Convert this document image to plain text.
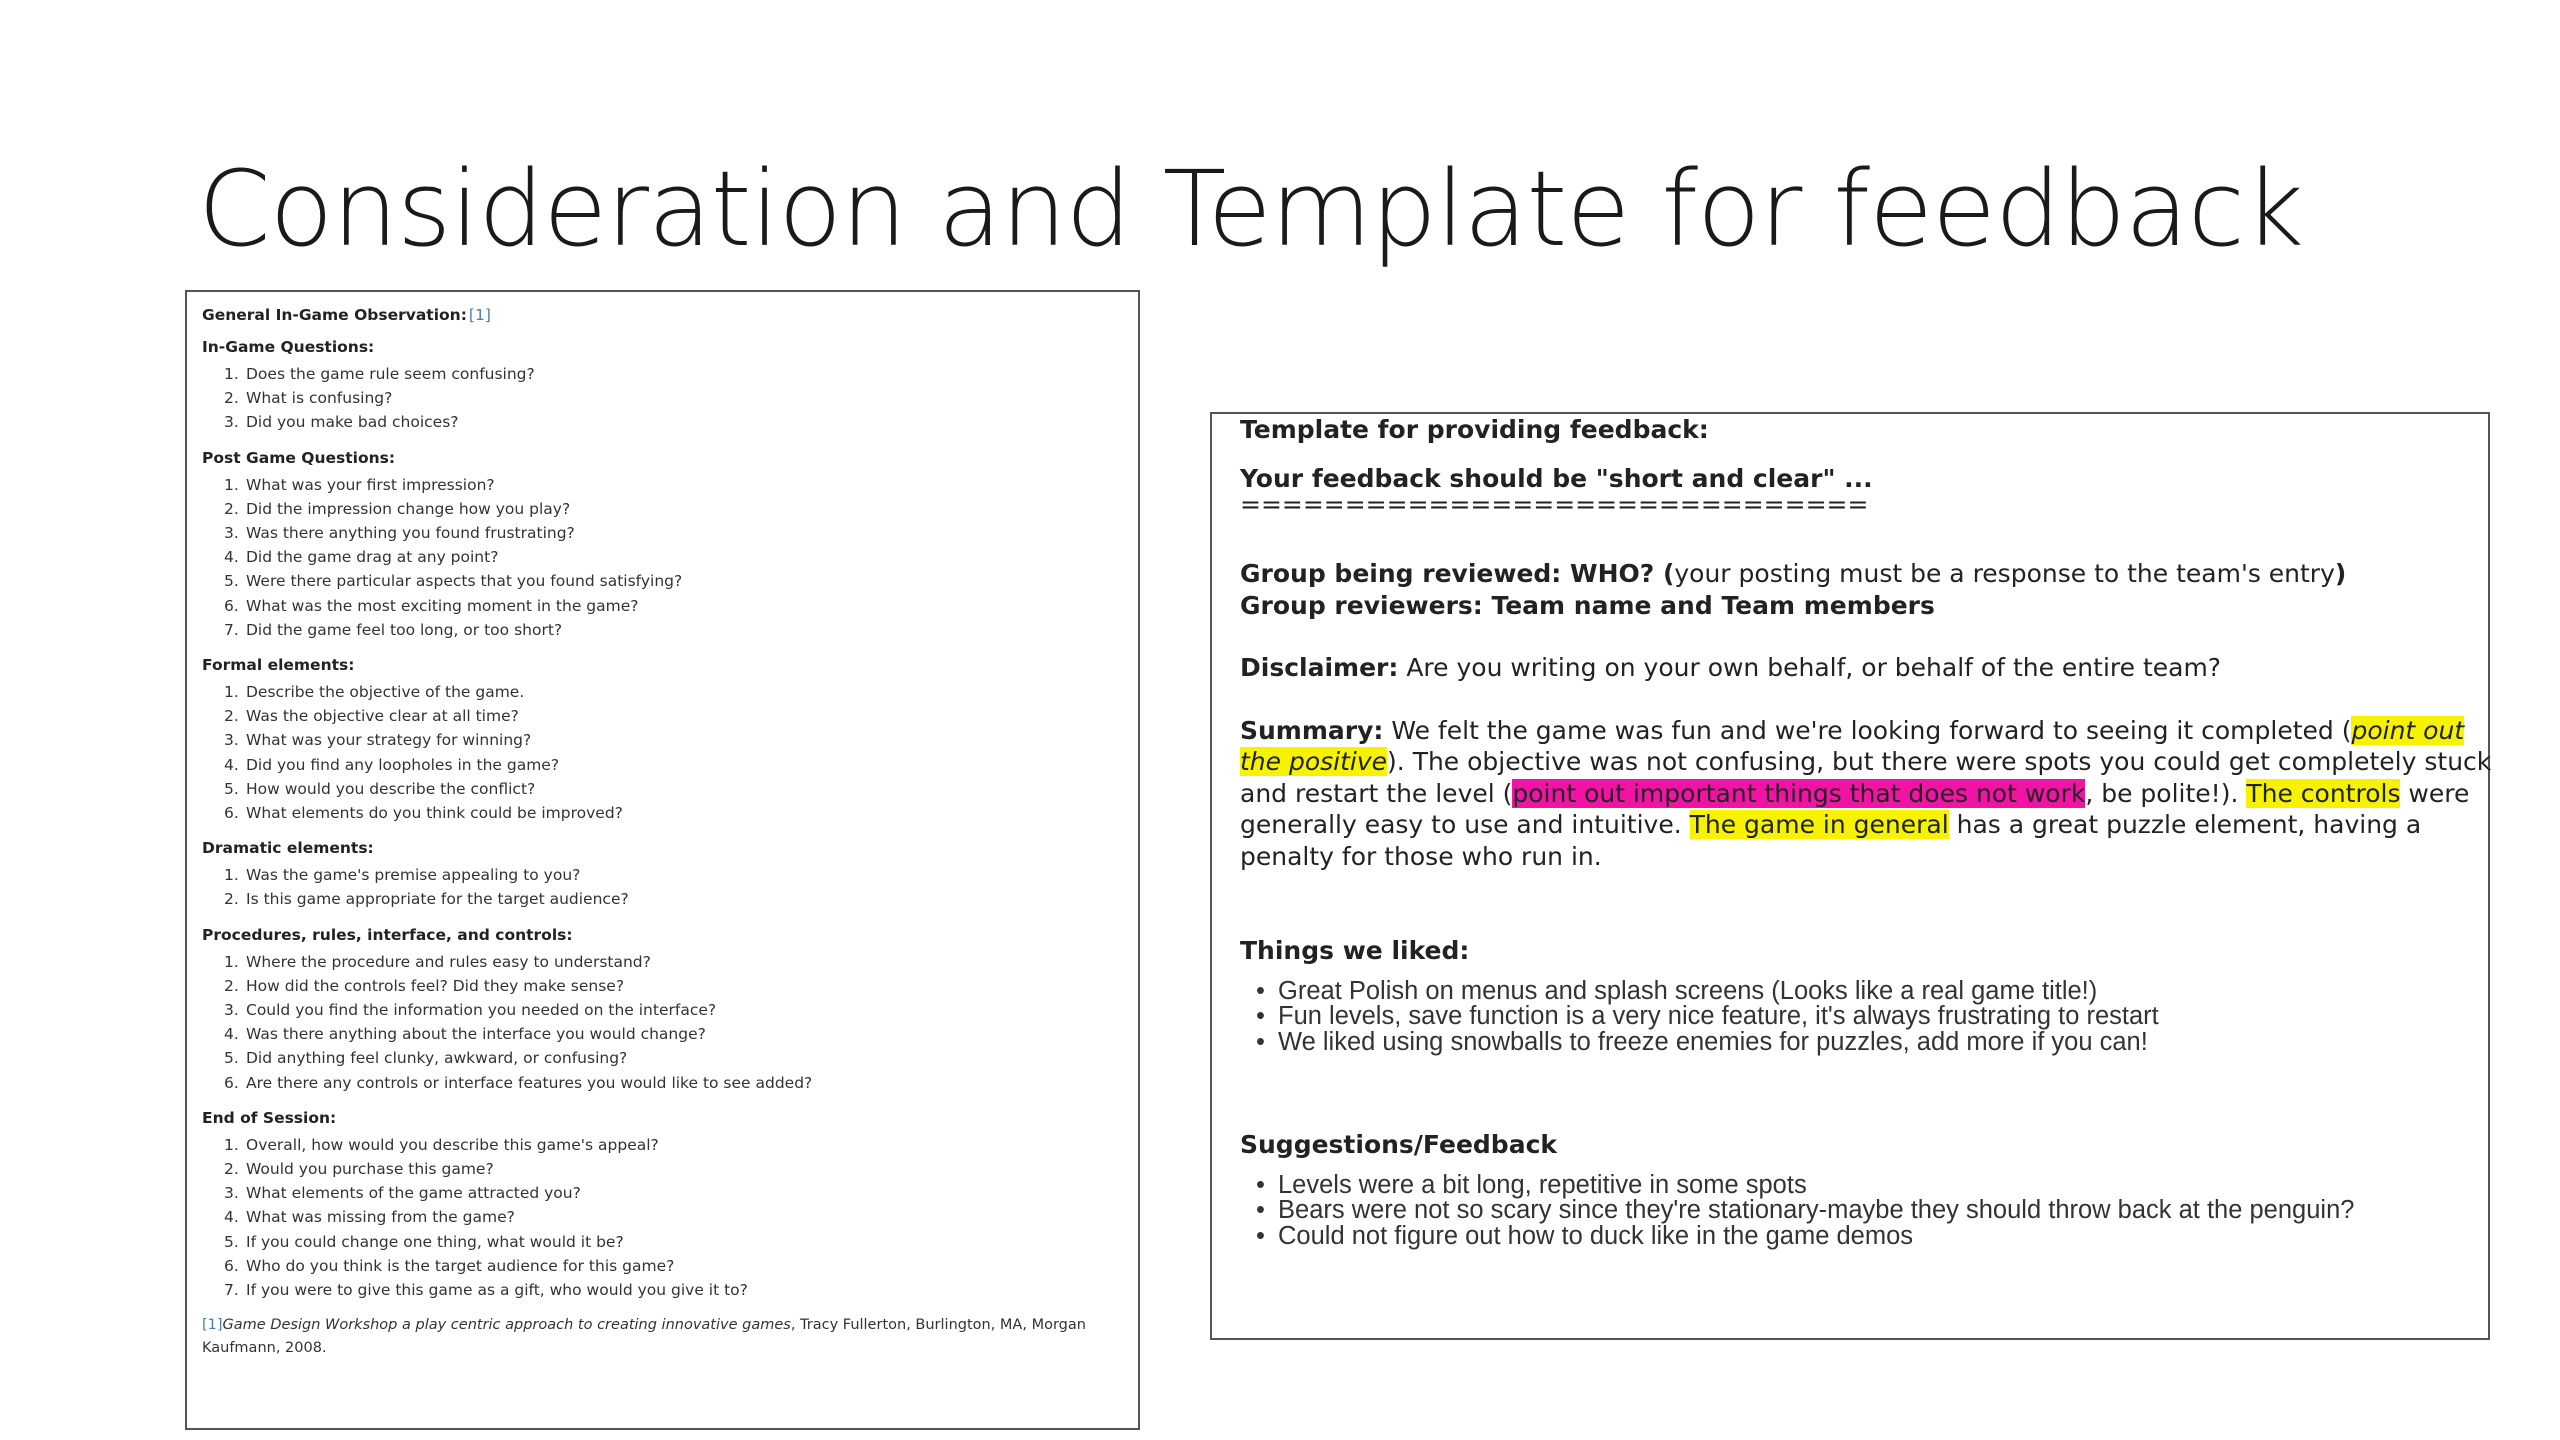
Consideration and Template for feedback

General In-Game Observation: [1]

In-Game Questions:

Does the game rule seem confusing?
What is confusing?
Did you make bad choices?

Post Game Questions:

What was your first impression?
Did the impression change how you play?
Was there anything you found frustrating?
Did the game drag at any point?
Were there particular aspects that you found satisfying?
What was the most exciting moment in the game?
Did the game feel too long, or too short?

Formal elements:

Describe the objective of the game.
Was the objective clear at all time?
What was your strategy for winning?
Did you find any loopholes in the game?
How would you describe the conflict?
What elements do you think could be improved?

Dramatic elements:

Was the game's premise appealing to you?
Is this game appropriate for the target audience?

Procedures, rules, interface, and controls:

Where the procedure and rules easy to understand?
How did the controls feel? Did they make sense?
Could you find the information you needed on the interface?
Was there anything about the interface you would change?
Did anything feel clunky, awkward, or confusing?
Are there any controls or interface features you would like to see added?

End of Session:

Overall, how would you describe this game's appeal?
Would you purchase this game?
What elements of the game attracted you?
What was missing from the game?
If you could change one thing, what would it be?
Who do you think is the target audience for this game?
If you were to give this game as a gift, who would you give it to?
[1]Game Design Workshop a play centric approach to creating innovative games, Tracy Fullerton, Burlington, MA, Morgan Kaufmann, 2008.

Template for providing feedback:

Your feedback should be "short and clear" ...

==============================

Group being reviewed: WHO? (your posting must be a response to the team's entry)

Group reviewers: Team name and Team members

Disclaimer: Are you writing on your own behalf, or behalf of the entire team?

Summary: We felt the game was fun and we're looking forward to seeing it completed (point out

the positive). The objective was not confusing, but there were spots you could get completely stuck

and restart the level (point out important things that does not work, be polite!). The controls were

generally easy to use and intuitive. The game in general has a great puzzle element, having a

penalty for those who run in.

Things we liked:

• Great Polish on menus and splash screens (Looks like a real game title!)
• Fun levels, save function is a very nice feature, it's always frustrating to restart
• We liked using snowballs to freeze enemies for puzzles, add more if you can!

Suggestions/Feedback

• Levels were a bit long, repetitive in some spots
• Bears were not so scary since they're stationary-maybe they should throw back at the penguin?
• Could not figure out how to duck like in the game demos
